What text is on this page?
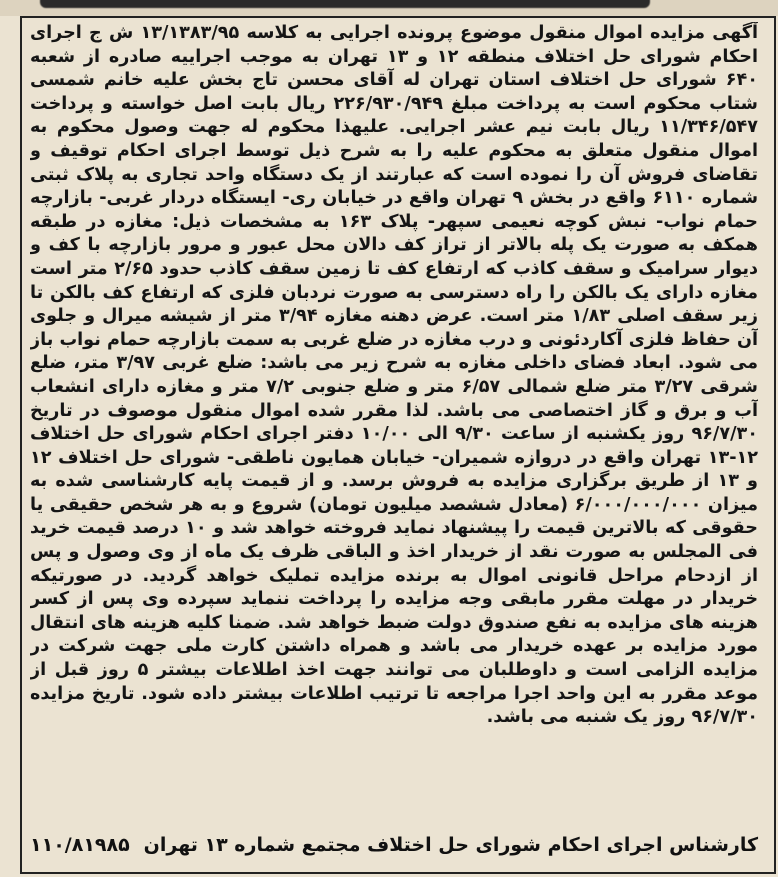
آگهی مزایده اموال منقول موضوع پرونده اجرایی به کلاسه ۱۳/۱۳۸۳/۹۵ ش ج اجرای احکام شورای حل اختلاف منطقه ۱۲ و ۱۳ تهران به موجب اجراییه صادره از شعبه ۶۴۰ شورای حل اختلاف استان تهران له آقای محسن تاج بخش علیه خانم شمسی شتاب محکوم است به پرداخت مبلغ ۲۲۶/۹۳۰/۹۴۹ ریال بابت اصل خواسته و پرداخت ۱۱/۳۴۶/۵۴۷ ریال بابت نیم عشر اجرایی. علیهذا محکوم له جهت وصول محکوم به اموال منقول متعلق به محکوم علیه را به شرح ذیل توسط اجرای احکام توقیف و تقاضای فروش آن را نموده است که عبارتند از یک دستگاه واحد تجاری به پلاک ثبتی شماره ۶۱۱۰ واقع در بخش ۹ تهران واقع در خیابان ری- ایستگاه دردار غربی- بازارچه حمام نواب- نبش کوچه نعیمی سپهر- پلاک ۱۶۳ به مشخصات ذیل: مغازه در طبقه همکف به صورت یک پله بالاتر از تراز کف دالان محل عبور و مرور بازارچه با کف و دیوار سرامیک و سقف کاذب که ارتفاع کف تا زمین سقف کاذب حدود ۲/۶۵ متر است مغازه دارای یک بالکن را راه دسترسی به صورت نردبان فلزی که ارتفاع کف بالکن تا زیر سقف اصلی ۱/۸۳ متر است. عرض دهنه مغازه ۳/۹۴ متر از شیشه میرال و جلوی آن حفاظ فلزی آکاردئونی و درب مغازه در ضلع غربی به سمت بازارچه حمام نواب باز می شود. ابعاد فضای داخلی مغازه به شرح زیر می باشد: ضلع غربی ۳/۹۷ متر، ضلع شرقی ۳/۲۷ متر ضلع شمالی ۶/۵۷ متر و ضلع جنوبی ۷/۲ متر و مغازه دارای انشعاب آب و برق و گاز اختصاصی می باشد. لذا مقرر شده اموال منقول موصوف در تاریخ ۹۶/۷/۳۰ روز یکشنبه از ساعت ۹/۳۰ الی ۱۰/۰۰ دفتر اجرای احکام شورای حل اختلاف ۱۲-۱۳ تهران واقع در دروازه شمیران- خیابان همایون ناطقی- شورای حل اختلاف ۱۲ و ۱۳ از طریق برگزاری مزایده به فروش برسد. و از قیمت پایه کارشناسی شده به میزان ۶/۰۰۰/۰۰۰/۰۰۰ (معادل ششصد میلیون تومان) شروع و به هر شخص حقیقی یا حقوقی که بالاترین قیمت را پیشنهاد نماید فروخته خواهد شد و ۱۰ درصد قیمت خرید فی المجلس به صورت نقد از خریدار اخذ و الباقی ظرف یک ماه از وی وصول و پس از ازدحام مراحل قانونی اموال به برنده مزایده تملیک خواهد گردید. در صورتیکه خریدار در مهلت مقرر مابقی وجه مزایده را پرداخت ننماید سپرده وی پس از کسر هزینه های مزایده به نفع صندوق دولت ضبط خواهد شد. ضمنا کلیه هزینه های انتقال مورد مزایده بر عهده خریدار می باشد و همراه داشتن کارت ملی جهت شرکت در مزایده الزامی است و داوطلبان می توانند جهت اخذ اطلاعات بیشتر ۵ روز قبل از موعد مقرر به این واحد اجرا مراجعه تا ترتیب اطلاعات بیشتر داده شود. تاریخ مزایده ۹۶/۷/۳۰ روز یک شنبه می باشد.
کارشناس اجرای احکام شورای حل اختلاف مجتمع شماره ۱۳ تهران
۱۱۰/۸۱۹۸۵
